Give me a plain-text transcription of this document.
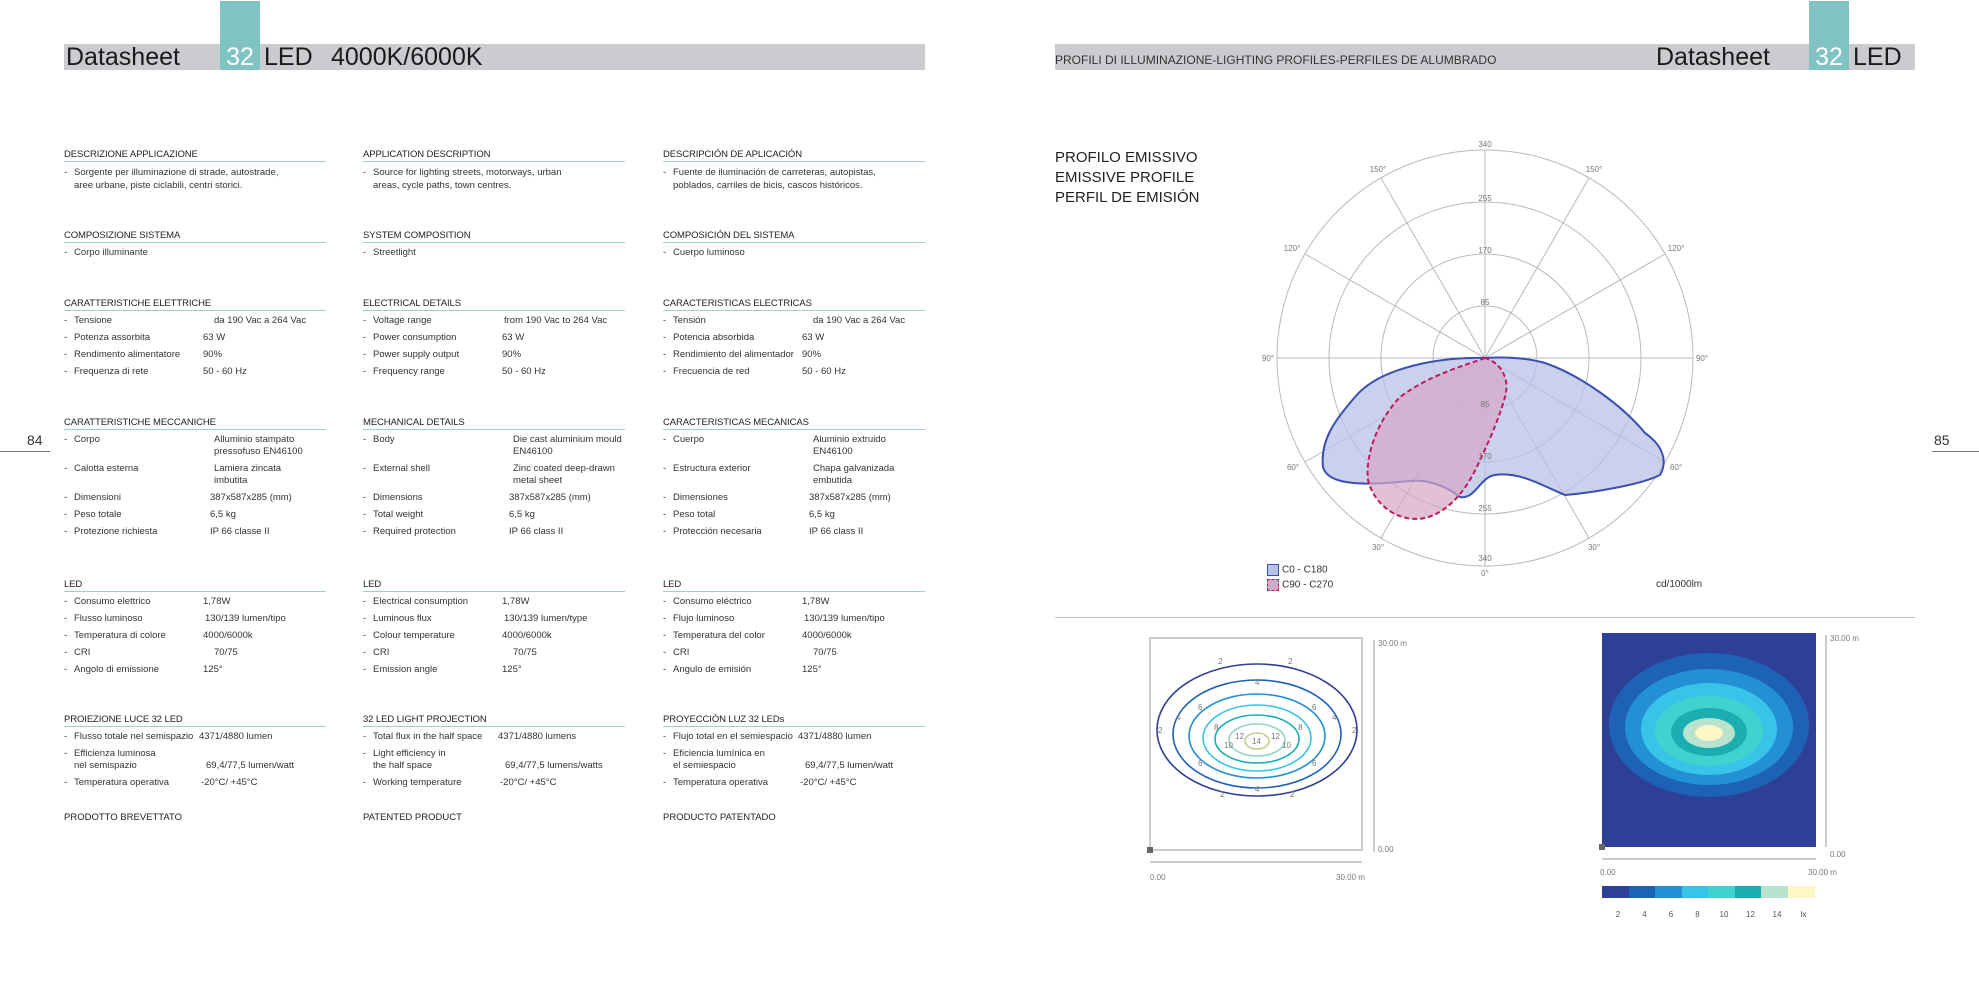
Datasheet 32 LED 4000K/6000K	PROFILI DI ILLUMINAZIONE-LIGHTING PROFILES-PERFILES DE ALUMBRADO	Datasheet 32 LED
84	85
DESCRIZIONE APPLICAZIONE
- Sorgente per illuminazione di strade, autostrade,
aree urbane, piste ciclabili, centri storici.
COMPOSIZIONE SISTEMA
- Corpo illuminante
CARATTERISTICHE ELETTRICHE
- Tensione	da 190 Vac a 264 Vac
- Potenza assorbita	63 W
- Rendimento alimentatore 90%
- Frequenza di rete	50 - 60 Hz
CARATTERISTICHE MECCANICHE
- Corpo	Alluminio stampato
pressofuso EN46100
- Calotta esterna	Lamiera zincata
imbutita
- Dimensioni	387x587x285 (mm)
- Peso totale	6,5 kg
- Protezione richiesta	IP 66 classe II
LED
- Consumo elettrico	1,78W
- Flusso luminoso	130/139 lumen/tipo
- Temperatura di colore	4000/6000k
- CRI	70/75
- Angolo di emissione	125°
PROIEZIONE LUCE 32 LED
- Flusso totale nel semispazio 4371/4880 lumen
- Efficienza luminosa
nel semispazio	69,4/77,5 lumen/watt
- Temperatura operativa	-20°C/ +45°C
PRODOTTO BREVETTATO
APPLICATION DESCRIPTION
- Source for lighting streets, motorways, urban
areas, cycle paths, town centres.
SYSTEM COMPOSITION
- Streetlight
ELECTRICAL DETAILS
- Voltage range	from 190 Vac to 264 Vac
- Power consumption	63 W
- Power supply output	90%
- Frequency range	50 - 60 Hz
MECHANICAL DETAILS
- Body	Die cast aluminium mould
EN46100
- External shell	Zinc coated deep-drawn
metal sheet
- Dimensions	387x587x285 (mm)
- Total weight	6,5 kg
- Required protection	IP 66 class II
LED
- Electrical consumption	1,78W
- Luminous flux	130/139 lumen/type
- Colour temperature	4000/6000k
- CRI	70/75
- Emission angle	125°
32 LED LIGHT PROJECTION
- Total flux in the half space 4371/4880 lumens
- Light efficiency in
the half space	69,4/77,5 lumens/watts
- Working temperature	-20°C/ +45°C
PATENTED PRODUCT
DESCRIPCIÓN DE APLICACIÓN
- Fuente de iluminación de carreteras, autopistas,
poblados, carriles de bicis, cascos históricos.
COMPOSICIÓN DEL SISTEMA
- Cuerpo luminoso
CARACTERISTICAS ELECTRICAS
- Tensión	da 190 Vac a 264 Vac
- Potencia absorbida	63 W
- Rendimiento del alimentador 90%
- Frecuencia de red	50 - 60 Hz
CARACTERISTICAS MECANICAS
- Cuerpo	Aluminio extruido
EN46100
- Estructura exterior	Chapa galvanizada
embutida
- Dimensiones	387x587x285 (mm)
- Peso total	6,5 kg
- Protección necesaria	IP 66 class II
LED
- Consumo eléctrico	1,78W
- Flujo luminoso	130/139 lumen/tipo
- Temperatura del color	4000/6000k
- CRI	70/75
- Angulo de emisión	125°
PROYECCIÓN LUZ 32 LEDs
- Flujo total en el semiespacio 4371/4880 lumen
- Eficiencia lumínica en
el semiespacio	69,4/77,5 lumen/watt
- Temperatura operativa	-20°C/ +45°C
PRODUCTO PATENTADO
PROFILO EMISSIVO
EMISSIVE PROFILE
PERFIL DE EMISIÓN
85
170
255
340
85
170
255
340
0°
30°	30°
60°	60°
90°	90°
120°	120°
150°	150°
C0 - C180
C90 - C270	cd/1000lm
2	2
2	2
2	2
4	4
4
4
6	6
6	6
8	8
10	10
12	12
14
30.00 m
0.00
0.00	30.00 m
30.00 m
0.00
0.00	30.00 m
2	4	6	8	10	12	14	lx
